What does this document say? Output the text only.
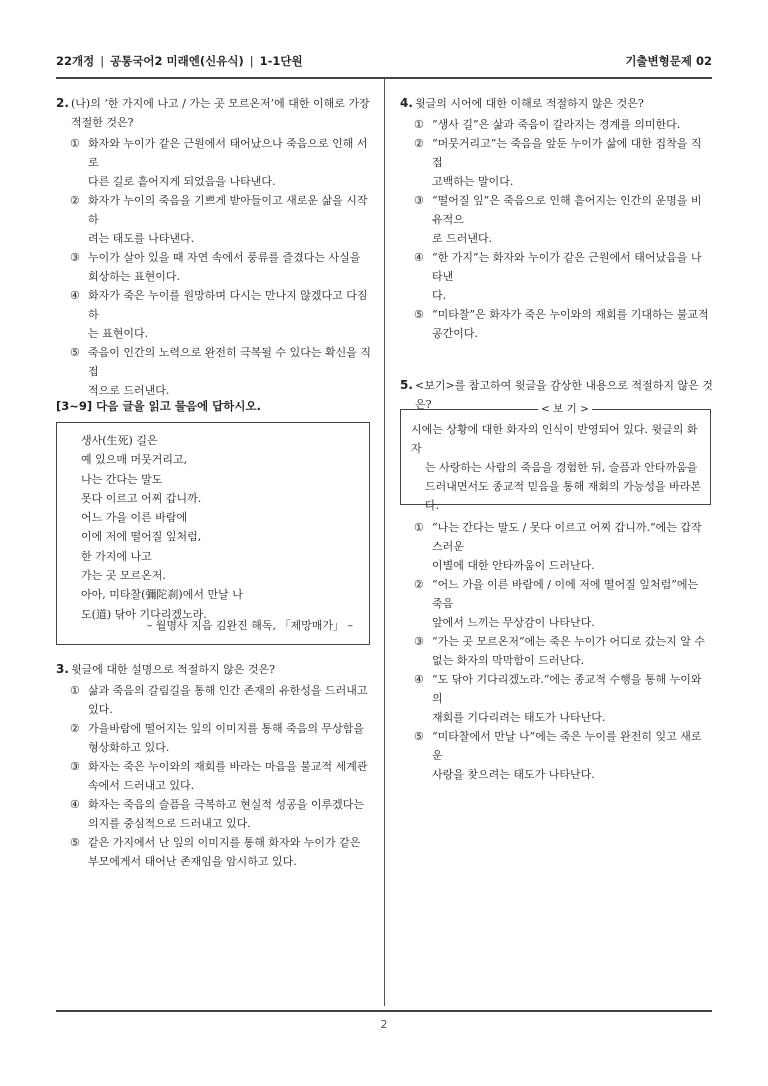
22개정 | 공통국어2 미래엔(신유식) | 1-1단원	기출변형문제 02
2. (나)의 ‘한 가지에 나고 / 가는 곳 모르온저’에 대한 이해로 가장
적절한 것은?
① 화자와 누이가 같은 근원에서 태어났으나 죽음으로 인해 서로
다른 길로 흩어지게 되었음을 나타낸다.
② 화자가 누이의 죽음을 기쁘게 받아들이고 새로운 삶을 시작하
려는 태도를 나타낸다.
③ 누이가 살아 있을 때 자연 속에서 풍류를 즐겼다는 사실을
회상하는 표현이다.
④ 화자가 죽은 누이를 원망하며 다시는 만나지 않겠다고 다짐하
는 표현이다.
⑤ 죽음이 인간의 노력으로 완전히 극복될 수 있다는 확신을 직접
적으로 드러낸다.
[3~9] 다음 글을 읽고 물음에 답하시오.
생사(生死) 길은
예 있으매 머뭇거리고,
나는 간다는 말도
못다 이르고 어찌 갑니까.
어느 가을 이른 바람에
이에 저에 떨어질 잎처럼,
한 가지에 나고
가는 곳 모르온저.
아아, 미타찰(彌陀刹)에서 만날 나
도(道) 닦아 기다리겠노라.
– 월명사 지음 김완진 해독, 「제망매가」 –
3. 윗글에 대한 설명으로 적절하지 않은 것은?
① 삶과 죽음의 갈림길을 통해 인간 존재의 유한성을 드러내고
있다.
② 가을바람에 떨어지는 잎의 이미지를 통해 죽음의 무상함을
형상화하고 있다.
③ 화자는 죽은 누이와의 재회를 바라는 마음을 불교적 세계관
속에서 드러내고 있다.
④ 화자는 죽음의 슬픔을 극복하고 현실적 성공을 이루겠다는
의지를 중심적으로 드러내고 있다.
⑤ 같은 가지에서 난 잎의 이미지를 통해 화자와 누이가 같은
부모에게서 태어난 존재임을 암시하고 있다.
4. 윗글의 시어에 대한 이해로 적절하지 않은 것은?
① “생사 길”은 삶과 죽음이 갈라지는 경계를 의미한다.
② “머뭇거리고”는 죽음을 앞둔 누이가 삶에 대한 집착을 직접
고백하는 말이다.
③ “떨어질 잎”은 죽음으로 인해 흩어지는 인간의 운명을 비유적으
로 드러낸다.
④ “한 가지”는 화자와 누이가 같은 근원에서 태어났음을 나타낸
다.
⑤ “미타찰”은 화자가 죽은 누이와의 재회를 기대하는 불교적
공간이다.
5. <보기>를 참고하여 윗글을 감상한 내용으로 적절하지 않은 것은?	< 보 기 >
시에는 상황에 대한 화자의 인식이 반영되어 있다. 윗글의 화자
는 사랑하는 사람의 죽음을 경험한 뒤, 슬픔과 안타까움을
드러내면서도 종교적 믿음을 통해 재회의 가능성을 바라본
다.
① “나는 간다는 말도 / 못다 이르고 어찌 갑니까.”에는 갑작스러운
이별에 대한 안타까움이 드러난다.
② “어느 가을 이른 바람에 / 이에 저에 떨어질 잎처럼”에는 죽음
앞에서 느끼는 무상감이 나타난다.
③ “가는 곳 모르온저”에는 죽은 누이가 어디로 갔는지 알 수
없는 화자의 막막함이 드러난다.
④ “도 닦아 기다리겠노라.”에는 종교적 수행을 통해 누이와의
재회를 기다리려는 태도가 나타난다.
⑤ “미타찰에서 만날 나”에는 죽은 누이를 완전히 잊고 새로운
사랑을 찾으려는 태도가 나타난다.
2
